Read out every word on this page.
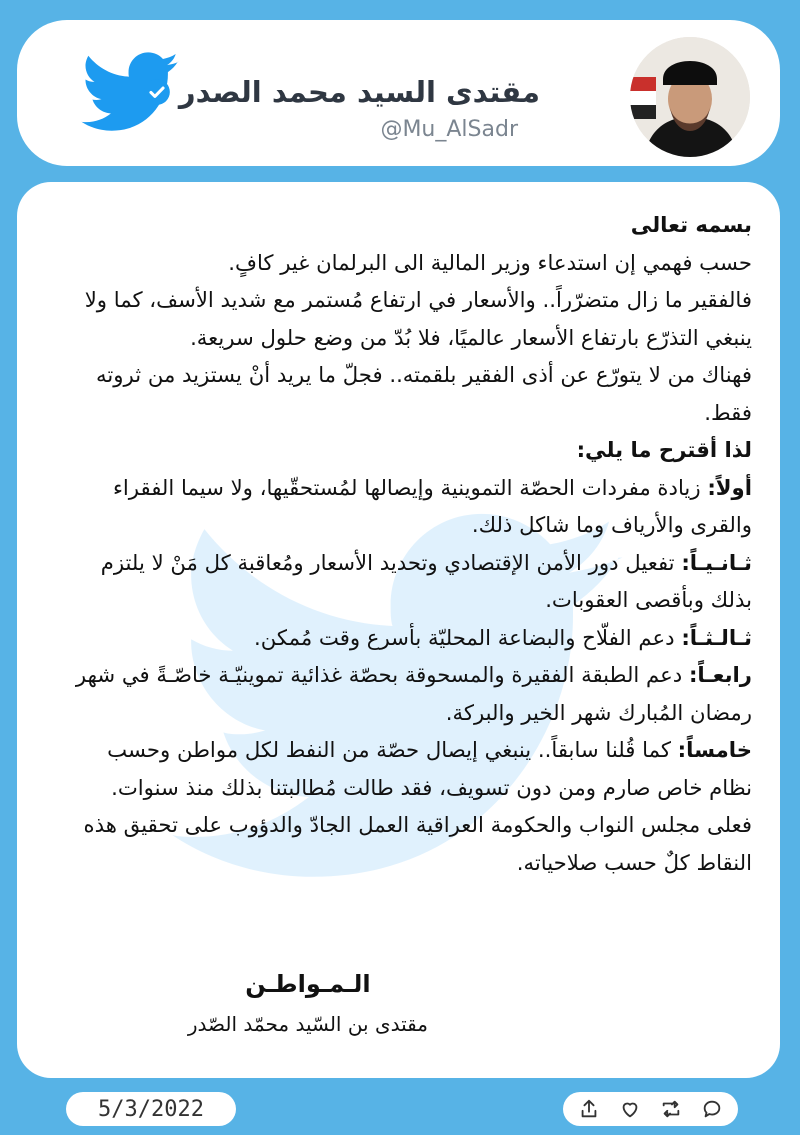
مقتدى السيد محمد الصدر
@Mu_AlSadr

بسمه تعالى

حسب فهمي إن استدعاء وزير المالية الى البرلمان غير كافٍ.

فالفقير ما زال متضرّراً.. والأسعار في ارتفاع مُستمر مع شديد الأسف، كما ولا ينبغي التذرّع بارتفاع الأسعار عالميًا، فلا بُدّ من وضع حلول سريعة.

فهناك من لا يتورّع عن أذى الفقير بلقمته.. فجلّ ما يريد أنْ يستزيد من ثروته فقط.

لذا أقترح ما يلي:

أولاً: زيادة مفردات الحصّة التموينية وإيصالها لمُستحقّيها، ولا سيما الفقراء والقرى والأرياف وما شاكل ذلك.

ثـانـيـاً: تفعيل دور الأمن الإقتصادي وتحديد الأسعار ومُعاقبة كل مَنْ لا يلتزم بذلك وبأقصى العقوبات.

ثـالـثـاً: دعم الفلّاح والبضاعة المحليّة بأسرع وقت مُمكن.

رابعـاً: دعم الطبقة الفقيرة والمسحوقة بحصّة غذائية تموينيّـة خاصّـةً في شهر رمضان المُبارك شهر الخير والبركة.

خامساً: كما قُلنا سابقاً.. ينبغي إيصال حصّة من النفط لكل مواطن وحسب نظام خاص صارم ومن دون تسويف، فقد طالت مُطالبتنا بذلك منذ سنوات.

فعلى مجلس النواب والحكومة العراقية العمل الجادّ والدؤوب على تحقيق هذه النقاط كلٌ حسب صلاحياته.

الـمـواطـن
مقتدى بن السّيد محمّد الصّدر
5/3/2022
